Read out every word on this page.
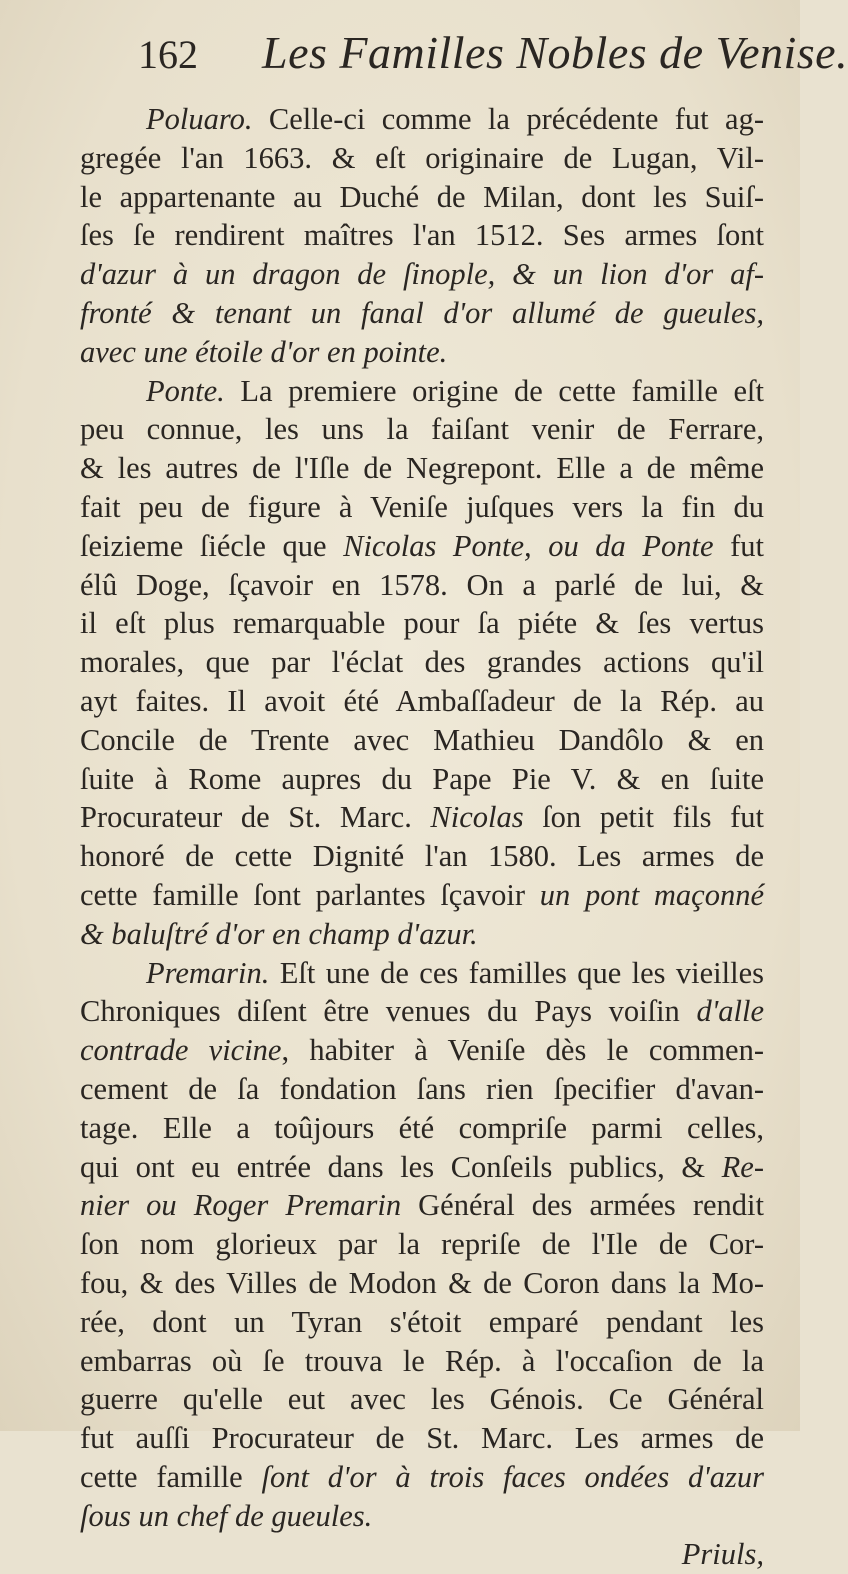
162 Les Familles Nobles de Venise.
Poluaro. Celle-ci comme la précédente fut ag-
gregée l'an 1663. & eſt originaire de Lugan, Vil-
le appartenante au Duché de Milan, dont les Suiſ-
ſes ſe rendirent maîtres l'an 1512. Ses armes ſont
d'azur à un dragon de ſinople, & un lion d'or af-
fronté & tenant un fanal d'or allumé de gueules,
avec une étoile d'or en pointe.
Ponte. La premiere origine de cette famille eſt
peu connue, les uns la faiſant venir de Ferrare,
& les autres de l'Iſle de Negrepont. Elle a de même
fait peu de figure à Veniſe juſques vers la fin du
ſeizieme ſiécle que Nicolas Ponte, ou da Ponte fut
élû Doge, ſçavoir en 1578. On a parlé de lui, &
il eſt plus remarquable pour ſa piéte & ſes vertus
morales, que par l'éclat des grandes actions qu'il
ayt faites. Il avoit été Ambaſſadeur de la Rép. au
Concile de Trente avec Mathieu Dandôlo & en
ſuite à Rome aupres du Pape Pie V. & en ſuite
Procurateur de St. Marc. Nicolas ſon petit fils fut
honoré de cette Dignité l'an 1580. Les armes de
cette famille ſont parlantes ſçavoir un pont maçonné
& baluſtré d'or en champ d'azur.
Premarin. Eſt une de ces familles que les vieilles
Chroniques diſent être venues du Pays voiſin d'alle
contrade vicine, habiter à Veniſe dès le commen-
cement de ſa fondation ſans rien ſpecifier d'avan-
tage. Elle a toûjours été compriſe parmi celles,
qui ont eu entrée dans les Conſeils publics, & Re-
nier ou Roger Premarin Général des armées rendit
ſon nom glorieux par la repriſe de l'Ile de Cor-
fou, & des Villes de Modon & de Coron dans la Mo-
rée, dont un Tyran s'étoit emparé pendant les
embarras où ſe trouva le Rép. à l'occaſion de la
guerre qu'elle eut avec les Génois. Ce Général
fut auſſi Procurateur de St. Marc. Les armes de
cette famille ſont d'or à trois faces ondées d'azur
ſous un chef de gueules.
Priuls,
